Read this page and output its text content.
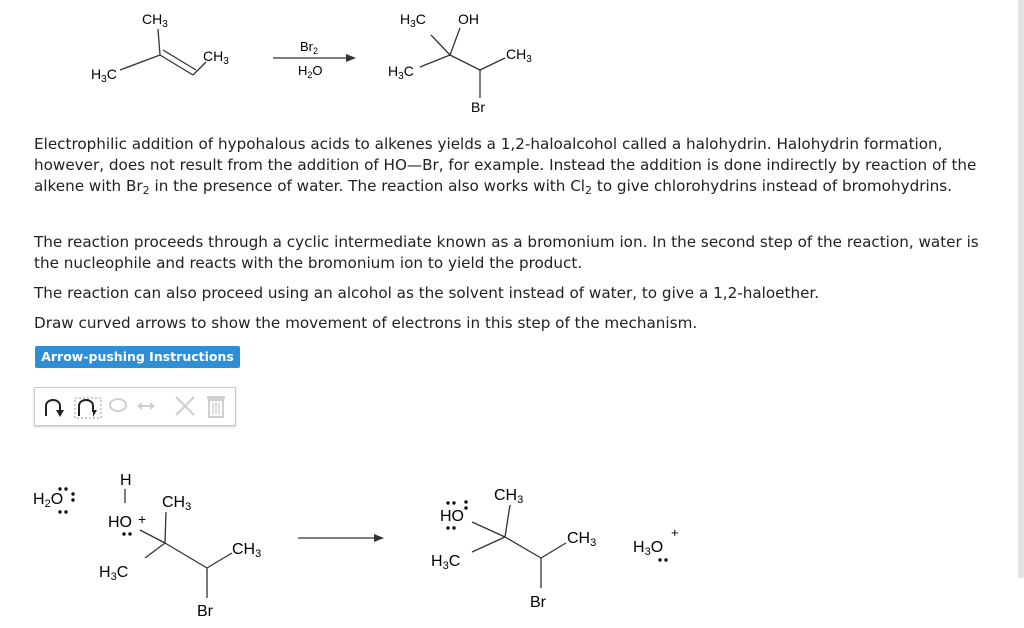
$CH_3$
$CH_3$
$H_3C$
$Br_2$
$H_2O$
$H_3C$ OH
$CH_3$
$H_3C$
Br

Electrophilic addition of hypohalous acids to alkenes yields a 1,2-haloalcohol called a halohydrin. Halohydrin formation, however, does not result from the addition of HO—Br, for example. Instead the addition is done indirectly by reaction of the alkene with $Br_2$ in the presence of water. The reaction also works with $Cl_2$ to give chlorohydrins instead of bromohydrins.

The reaction proceeds through a cyclic intermediate known as a bromonium ion. In the second step of the reaction, water is the nucleophile and reacts with the bromonium ion to yield the product.

The reaction can also proceed using an alcohol as the solvent instead of water, to give a 1,2-haloether.

Draw curved arrows to show the movement of electrons in this step of the mechanism.

Arrow-pushing Instructions
H2O
H
HO +
CH3
CH3
H3C
Br
HO
CH3
CH3
H3C
Br
H3O
+
